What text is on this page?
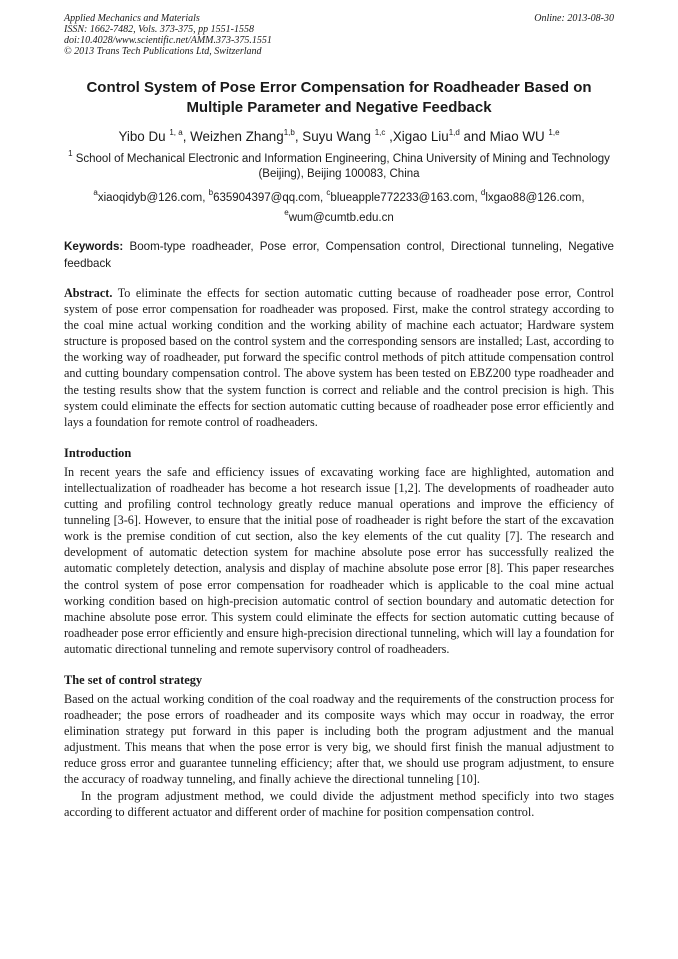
Applied Mechanics and Materials
ISSN: 1662-7482, Vols. 373-375, pp 1551-1558
doi:10.4028/www.scientific.net/AMM.373-375.1551
© 2013 Trans Tech Publications Ltd, Switzerland
Online: 2013-08-30
Control System of Pose Error Compensation for Roadheader Based on Multiple Parameter and Negative Feedback
Yibo Du $^{1, a}$, Weizhen Zhang$^{1,b}$, Suyu Wang $^{1,c}$ ,Xigao Liu$^{1,d}$ and Miao WU $^{1,e}$
$^1$ School of Mechanical Electronic and Information Engineering, China University of Mining and Technology (Beijing), Beijing 100083, China
$^a$xiaoqidyb@126.com, $^b$635904397@qq.com, $^c$blueapple772233@163.com, $^d$lxgao88@126.com,
$^e$wum@cumtb.edu.cn
Keywords: Boom-type roadheader, Pose error, Compensation control, Directional tunneling, Negative feedback
Abstract. To eliminate the effects for section automatic cutting because of roadheader pose error, Control system of pose error compensation for roadheader was proposed. First, make the control strategy according to the coal mine actual working condition and the working ability of machine each actuator; Hardware system structure is proposed based on the control system and the corresponding sensors are installed; Last, according to the working way of roadheader, put forward the specific control methods of pitch attitude compensation control and cutting boundary compensation control. The above system has been tested on EBZ200 type roadheader and the testing results show that the system function is correct and reliable and the control precision is high. This system could eliminate the effects for section automatic cutting because of roadheader pose error efficiently and lays a foundation for remote control of roadheaders.
Introduction
In recent years the safe and efficiency issues of excavating working face are highlighted, automation and intellectualization of roadheader has become a hot research issue [1,2]. The developments of roadheader auto cutting and profiling control technology greatly reduce manual operations and improve the efficiency of tunneling [3-6]. However, to ensure that the initial pose of roadheader is right before the start of the excavation work is the premise condition of cut section, also the key elements of the cut quality [7]. The research and development of automatic detection system for machine absolute pose error has successfully realized the automatic completely detection, analysis and display of machine absolute pose error [8]. This paper researches the control system of pose error compensation for roadheader which is applicable to the coal mine actual working condition based on high-precision automatic control of section boundary and automatic detection for machine absolute pose error. This system could eliminate the effects for section automatic cutting because of roadheader pose error efficiently and ensure high-precision directional tunneling, which will lay a foundation for automatic directional tunneling and remote supervisory control of roadheaders.
The set of control strategy
Based on the actual working condition of the coal roadway and the requirements of the construction process for roadheader; the pose errors of roadheader and its composite ways which may occur in roadway, the error elimination strategy put forward in this paper is including both the program adjustment and the manual adjustment. This means that when the pose error is very big, we should first finish the manual adjustment to reduce gross error and guarantee tunneling efficiency; after that, we should use program adjustment, to ensure the accuracy of roadway tunneling, and finally achieve the directional tunneling [10].
In the program adjustment method, we could divide the adjustment method specificly into two stages according to different actuator and different order of machine for position compensation control.
